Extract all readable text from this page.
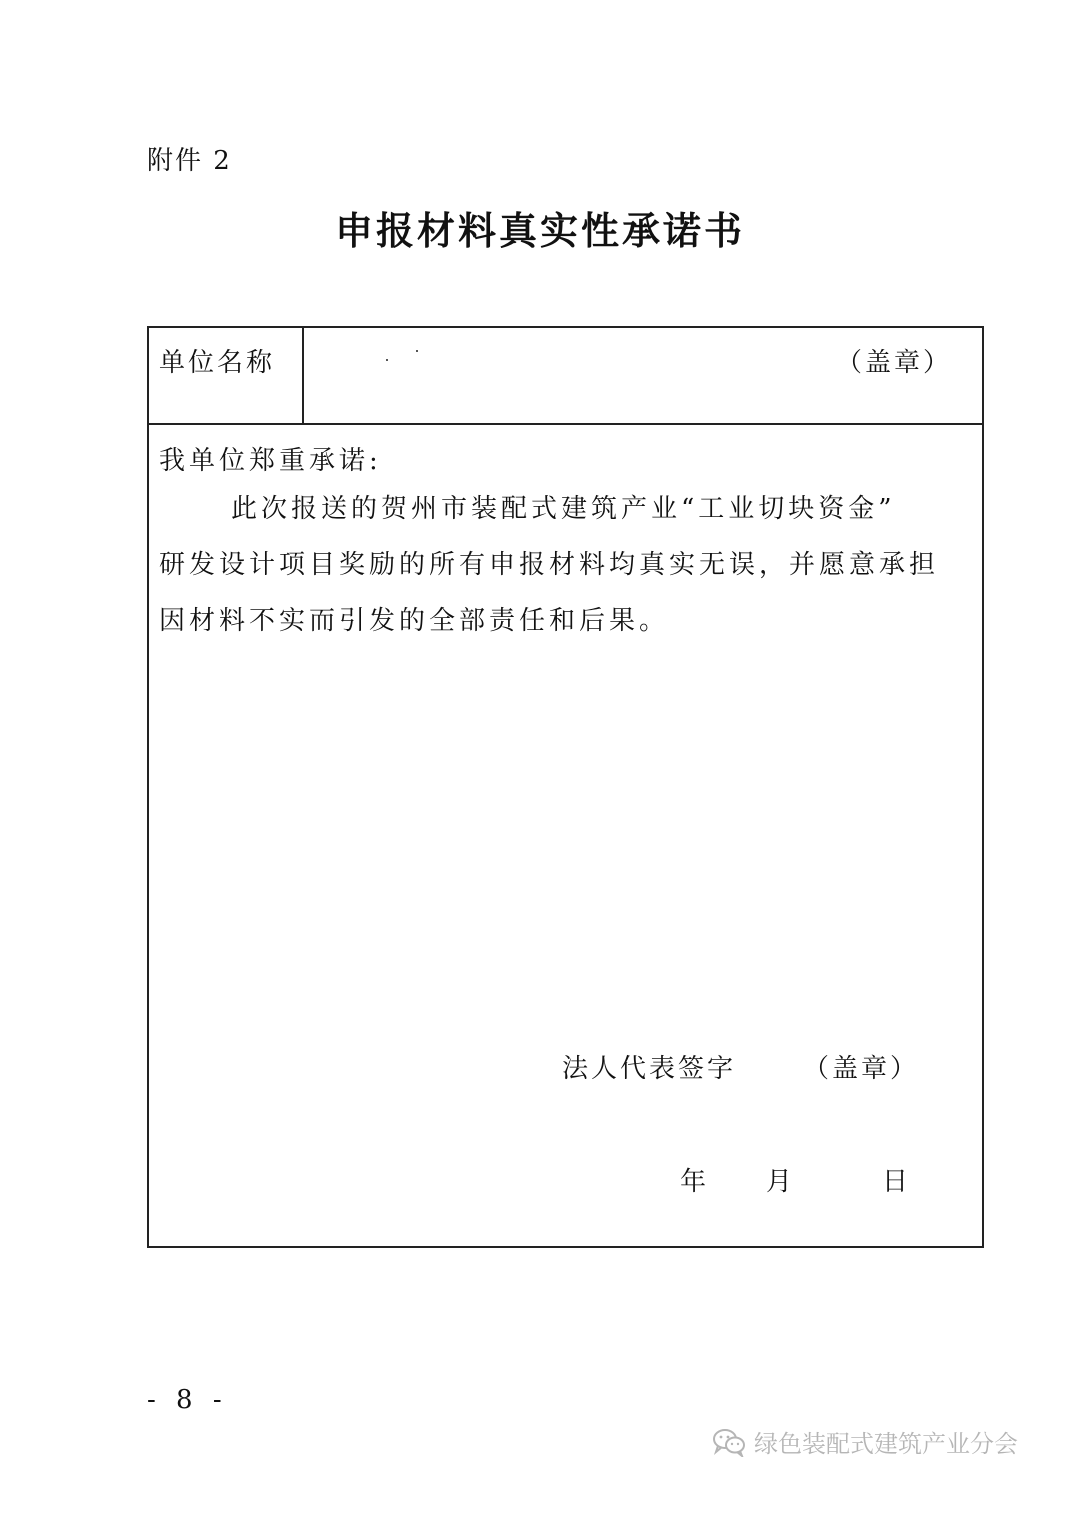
附件 2
申报材料真实性承诺书
单位名称	（盖章）
我单位郑重承诺:
此次报送的贺州市装配式建筑产业“工业切块资金”
研发设计项目奖励的所有申报材料均真实无误，并愿意承担
因材料不实而引发的全部责任和后果。
法人代表签字	（盖章）
年 月	日
- 8 -
绿色装配式建筑产业分会
